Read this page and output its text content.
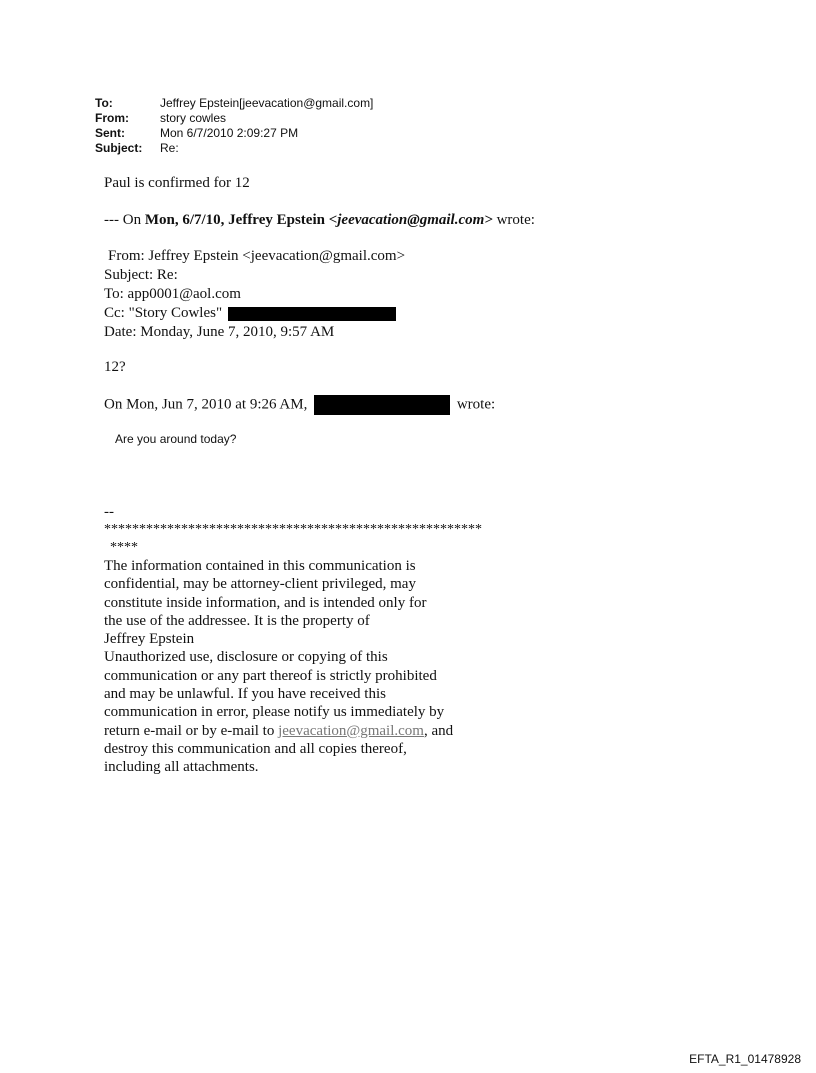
To:	Jeffrey Epstein[jeevacation@gmail.com]
From:	story cowles
Sent:	Mon 6/7/2010 2:09:27 PM
Subject:	Re:
Paul is confirmed for 12
--- On Mon, 6/7/10, Jeffrey Epstein <jeevacation@gmail.com> wrote:
From: Jeffrey Epstein <jeevacation@gmail.com>
Subject: Re:
To: app0001@aol.com
Cc: "Story Cowles"
Date: Monday, June 7, 2010, 9:57 AM
12?
On Mon, Jun 7, 2010 at 9:26 AM,	wrote:
Are you around today?
--
******************************************************
****
The information contained in this communication is
confidential, may be attorney-client privileged, may
constitute inside information, and is intended only for
the use of the addressee. It is the property of
Jeffrey Epstein
Unauthorized use, disclosure or copying of this
communication or any part thereof is strictly prohibited
and may be unlawful. If you have received this
communication in error, please notify us immediately by
return e-mail or by e-mail to jeevacation@gmail.com, and
destroy this communication and all copies thereof,
including all attachments.
EFTA_R1_01478928
